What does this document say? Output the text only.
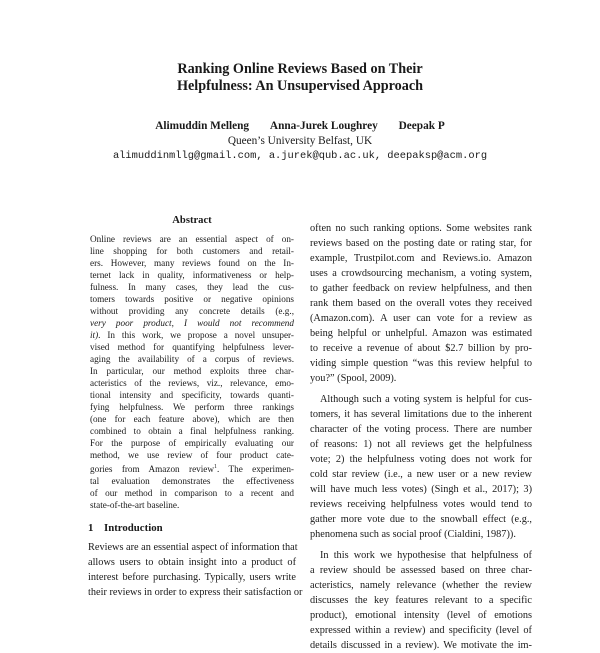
Ranking Online Reviews Based on Their
Helpfulness: An Unsupervised Approach
Alimuddin Melleng Anna-Jurek Loughrey Deepak P
Queen’s University Belfast, UK
alimuddinmllg@gmail.com, a.jurek@qub.ac.uk, deepaksp@acm.org
Abstract
Online reviews are an essential aspect of on-
line shopping for both customers and retail-
ers. However, many reviews found on the In-
ternet lack in quality, informativeness or help-
fulness. In many cases, they lead the cus-
tomers towards positive or negative opinions
without providing any concrete details (e.g.,
very poor product, I would not recommend
it). In this work, we propose a novel unsuper-
vised method for quantifying helpfulness lever-
aging the availability of a corpus of reviews.
In particular, our method exploits three char-
acteristics of the reviews, viz., relevance, emo-
tional intensity and specificity, towards quanti-
fying helpfulness. We perform three rankings
(one for each feature above), which are then
combined to obtain a final helpfulness ranking.
For the purpose of empirically evaluating our
method, we use review of four product cate-
gories from Amazon review$^1$. The experimen-
tal evaluation demonstrates the effectiveness
of our method in comparison to a recent and
state-of-the-art baseline.
1 Introduction
Reviews are an essential aspect of information that
allows users to obtain insight into a product of
interest before purchasing. Typically, users write
their reviews in order to express their satisfaction or
often no such ranking options. Some websites rank
reviews based on the posting date or rating star, for
example, Trustpilot.com and Reviews.io. Amazon
uses a crowdsourcing mechanism, a voting system,
to gather feedback on review helpfulness, and then
rank them based on the overall votes they received
(Amazon.com). A user can vote for a review as
being helpful or unhelpful. Amazon was estimated
to receive a revenue of about $2.7 billion by pro-
viding simple question “was this review helpful to
you?” (Spool, 2009).
Although such a voting system is helpful for cus-
tomers, it has several limitations due to the inherent
character of the voting process. There are number
of reasons: 1) not all reviews get the helpfulness
vote; 2) the helpfulness voting does not work for
cold star review (i.e., a new user or a new review
will have much less votes) (Singh et al., 2017); 3)
reviews receiving helpfulness votes would tend to
gather more vote due to the snowball effect (e.g.,
phenomena such as social proof (Cialdini, 1987)).
In this work we hypothesise that helpfulness of
a review should be assessed based on three char-
acteristics, namely relevance (whether the review
discusses the key features relevant to a specific
product), emotional intensity (level of emotions
expressed within a review) and specificity (level of
details discussed in a review). We motivate the im-
